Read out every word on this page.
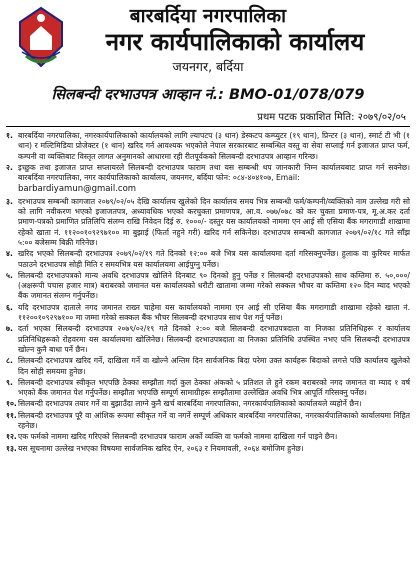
बारबर्दिया नगरपालिका
नगर कार्यपालिकाको कार्यालय
जयनगर, बर्दिया
सिलबन्दी दरभाउपत्र आव्हान नं.: BMO-01/078/079
प्रथम पटक प्रकाशित मिति: २०७९/०२/०५
१. बारबर्दिया नगरपालिका, नगरकार्यपालिकाको कार्यालयको लागि ल्यापटप (३ थान) डेस्कटप कम्प्युटर (१९ थान), प्रिन्टर (३ थान), स्मार्ट टी भी (१ थान) र मल्टिमिडिया प्रोजेक्टर (१ थान) खरिद गर्न आवश्यक भएकोले नेपाल सरकारबाट सम्बन्धित वस्तु वा सेवा सप्लाई गर्न इजाजत प्राप्त फर्म, कम्पनी वा व्यक्तिबाट विस्तृत लागत अनुमानको आधारमा रही रीतपूर्वकको सिलबन्दी दरभाउपत्र आव्हान गरिन्छ।
२. इच्छुक तथा इजाजत प्राप्त सप्लायरले सिलबन्दी दरभाउपत्र फाराम तथा यस सम्बन्धी थप जानकारी निम्न कार्यालयबाट प्राप्त गर्न सक्नेछ। बारबर्दिया नगरपालिका, नगर कार्यपालिकाको कार्यालय, जयनगर, बर्दिया फोन: ०८४-४०४१०७, Email:
barbardiyamun@gmail.com
३. दरभाउपत्र सम्बन्धी कागजात २०७९/०२/०५ देखि कार्यालय खुलेको दिन कार्यालय समय भित्र सम्बन्धी फर्म/कम्पनी/व्यक्तिको नाम उल्लेख गरी सो को लागि नवीकरण भएको इजाजतपत्र, अध्यावधिक भएको करचुक्ता प्रमाणपत्र, आ.व. ०७७/०७८ को कर चुक्ता प्रमाण-पत्र, मू.अ.कर दर्ता प्रमाण-पत्रको प्रमाणित प्रतिलिपि संलग्न राखि निवेदन दिई रु. १०००/- दस्तुर यस कार्यालयको नाममा एन आई सी एसिया बैंक मगरागाडी शाखामा रहेको खाता नं. ११२००१०९२९७१०० मा बुझाई (फिर्ता नहुने गरी) खरिद गर्न सकिनेछ। दरभाउपत्र सम्बन्धी कागजात २०७९/०२/१८ गते साँझ ५:०० बजेसम्म बिक्री गरिनेछ।
४. खरिद भएको सिलबन्दी दरभाउपत्र २०७९/०२/१९ गते दिनको १२:०० बजे भित्र यस कार्यालयमा दर्ता गरिसक्नुपर्नेछ। हुलाक वा कुरियर मार्फत पठाउने दरभाउपत्र सोही मिति र समयभित्र यस कार्यालयमा आईपुग्नु पर्नेछ।
५. सिलबन्दी दरभाउपत्रको मान्य अवधि दरभाउपत्र खोलिने दिनबाट ९० दिनको हुनु पर्नेछ र सिलबन्दी दरभाउपत्रको साथ कम्तिमा रु. ५०,०००/ (अक्षरूपी पचास हजार मात्र) बराबरको जमानत यस कार्यालयको धरौटी खातामा जम्मा गरेको सक्कल भौचर वा कम्तिमा १२० दिन म्याद भएको बैंक जमानत संलग्न गर्नुपर्नेछ।
६. यदि दरभाउपत्र दाताले नगद जमानत राख्न चाहेमा यस कार्यालयको नाममा एन आई सी एसिया बैंक मगरागाडी शाखामा रहेको खाता नं. ११२००१०९२९७१०० मा जम्मा गरेको सक्कल बैंक भौचर सिलबन्दी दरभाउपत्र साथ पेश गर्नु पर्नेछ।
७. दर्ता भएका सिलबन्दी दरभाउपत्र २०७९/०२/१९ गते दिनको २:०० बजे सिलबन्दी दरभाउपत्रदाता वा निजका प्रतिनिधिहरू र कार्यालय प्रतिनिधिहरूको रोहवरमा यस कार्यालयमा खोलिनेछ। सिलबन्दी दरभाउपत्रदाता वा निजका प्रतिनिधि उपस्थित नभए पनि सिलबन्दी दरभाउपत्र खोल्न कुनै बाधा पर्ने छैन।
८. सिलबन्दी दरभाउपत्र खरिद गर्ने, दाखिला गर्ने वा खोल्ने अन्तिम दिन सार्वजनिक बिदा परेमा उक्त कार्यहरू बिदाको लगत्ते पछि कार्यालय खुलेको दिन सोही समयमा हुनेछ।
९. सिलबन्दी दरभाउपत्र स्वीकृत भएपछि ठेक्का सम्झौता गर्दा कुल ठेक्का अंकको ५ प्रतिशत ले हुने रकम बराबरको नगद जमानत वा म्याद १ वर्ष भएको बैंक जमानत पेश गर्नुपर्नेछ। सम्झौता भएपछि सम्पूर्ण सामाग्रीहरू सम्झौतामा उल्लेखित अवधि भित्र आपूर्ति गरिसक्नु पर्नेछ।
१०. सिलबन्दी दरभाउपत्र तयार गर्ने वा बुझाउँदा लाग्ने कुनै खर्च बारबर्दिया नगरपालिका, नगरकार्यपालिकाको कार्यालयले व्यहोर्ने छैन।
११. सिलबन्दी दरभाउपत्र पूरै वा आंशिक रूपमा स्वीकृत गर्ने वा नगर्ने सम्पूर्ण अधिकार बारबर्दिया नगरपालिका, नगरकार्यपालिकाको कार्यालयमा निहित रहनेछ।
१२. एक फर्मको नाममा खरिद गरिएको सिलबन्दी दरभाउपत्र फाराम अर्को व्यक्ति वा फर्मको नाममा दाखिला गर्न पाइने छैन।
१३. यस सूचनामा उल्लेख नभएका विषयमा सार्वजनिक खरिद ऐन, २०६३ र नियमावली, २०६४ बमोजिम हुनेछ।
